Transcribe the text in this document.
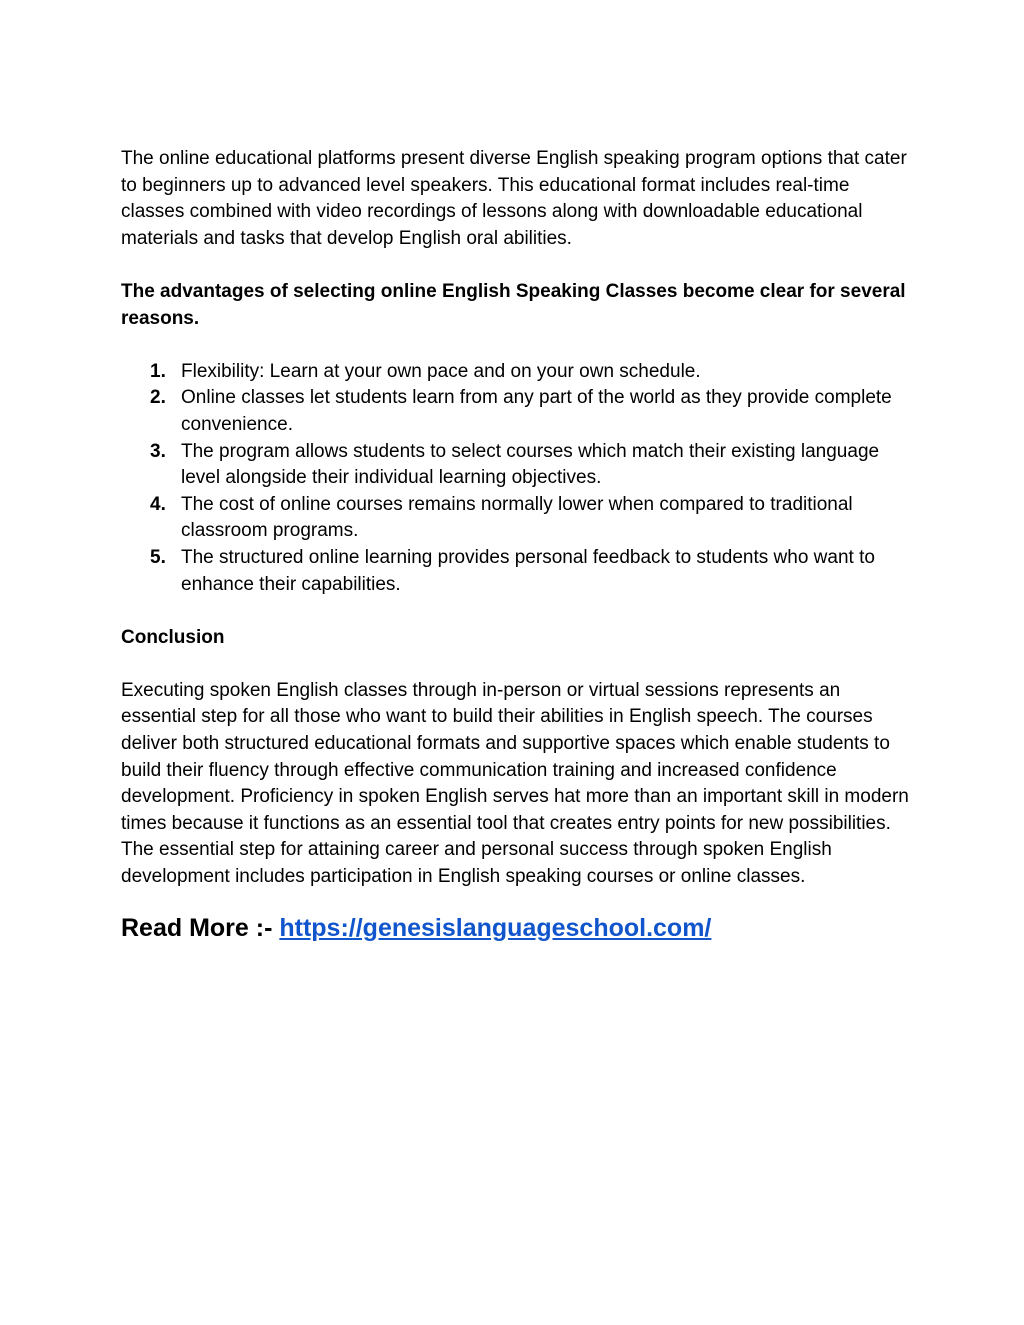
The online educational platforms present diverse English speaking program options that cater to beginners up to advanced level speakers. This educational format includes real-time classes combined with video recordings of lessons along with downloadable educational materials and tasks that develop English oral abilities.

The advantages of selecting online English Speaking Classes become clear for several reasons.

1. Flexibility: Learn at your own pace and on your own schedule.
2. Online classes let students learn from any part of the world as they provide complete convenience.
3. The program allows students to select courses which match their existing language level alongside their individual learning objectives.
4. The cost of online courses remains normally lower when compared to traditional classroom programs.
5. The structured online learning provides personal feedback to students who want to enhance their capabilities.

Conclusion

Executing spoken English classes through in-person or virtual sessions represents an essential step for all those who want to build their abilities in English speech. The courses deliver both structured educational formats and supportive spaces which enable students to build their fluency through effective communication training and increased confidence development. Proficiency in spoken English serves hat more than an important skill in modern times because it functions as an essential tool that creates entry points for new possibilities. The essential step for attaining career and personal success through spoken English development includes participation in English speaking courses or online classes.

Read More :- https://genesislanguageschool.com/
